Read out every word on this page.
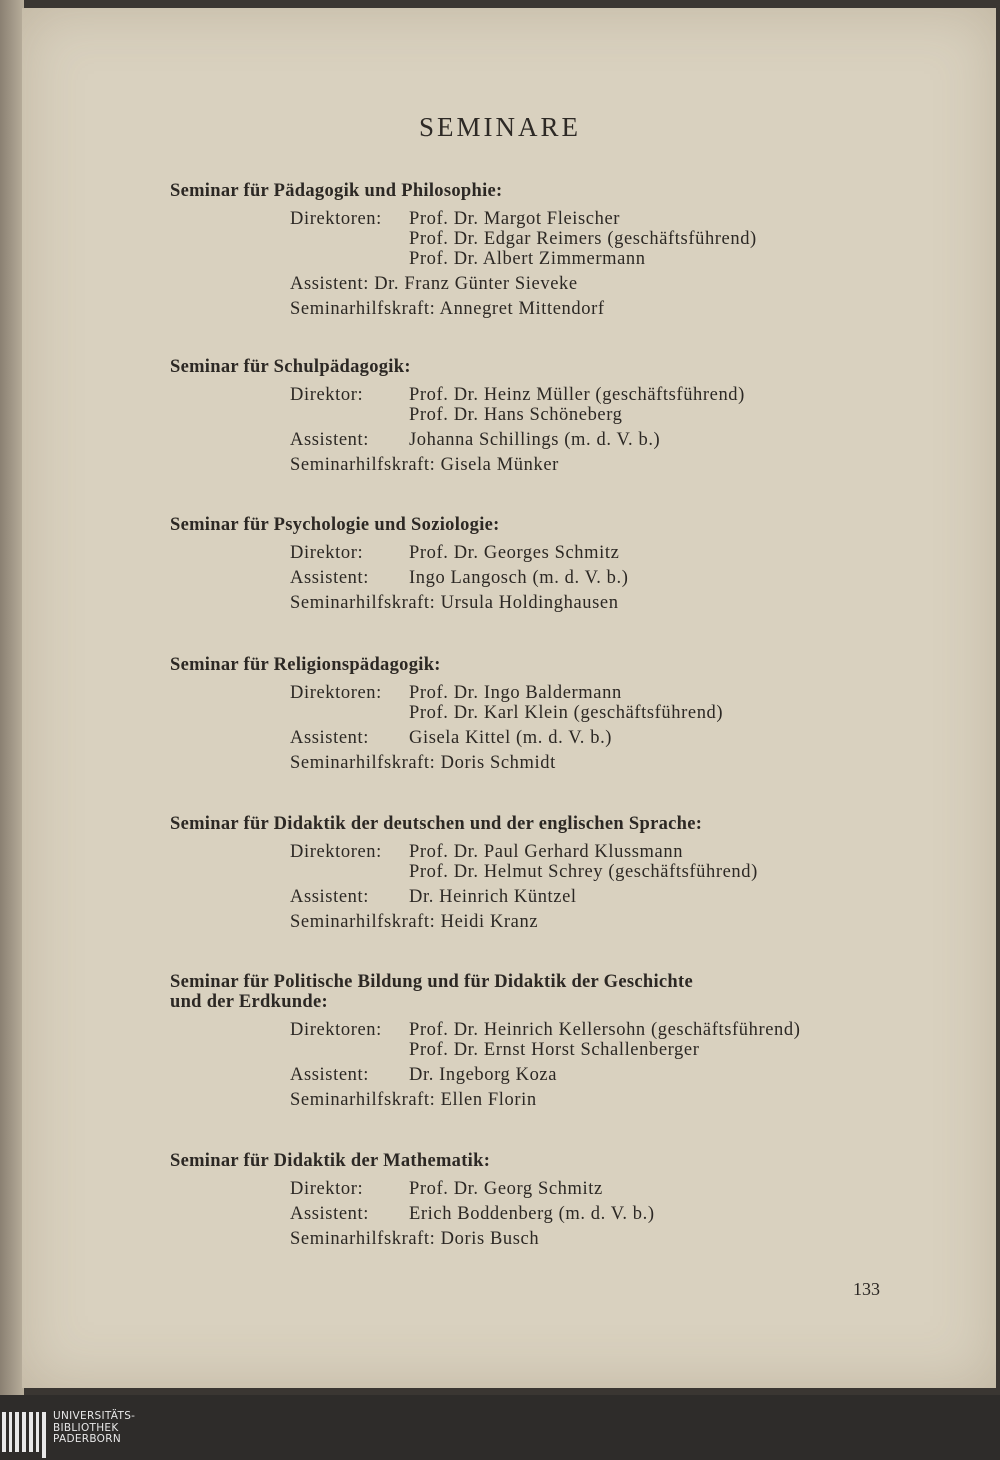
SEMINARE
Seminar für Pädagogik und Philosophie:
Direktoren: Prof. Dr. Margot Fleischer
Prof. Dr. Edgar Reimers (geschäftsführend)
Prof. Dr. Albert Zimmermann
Assistent: Dr. Franz Günter Sieveke
Seminarhilfskraft: Annegret Mittendorf
Seminar für Schulpädagogik:
Direktor: Prof. Dr. Heinz Müller (geschäftsführend)
Prof. Dr. Hans Schöneberg
Assistent: Johanna Schillings (m. d. V. b.)
Seminarhilfskraft: Gisela Münker
Seminar für Psychologie und Soziologie:
Direktor: Prof. Dr. Georges Schmitz
Assistent: Ingo Langosch (m. d. V. b.)
Seminarhilfskraft: Ursula Holdinghausen
Seminar für Religionspädagogik:
Direktoren: Prof. Dr. Ingo Baldermann
Prof. Dr. Karl Klein (geschäftsführend)
Assistent: Gisela Kittel (m. d. V. b.)
Seminarhilfskraft: Doris Schmidt
Seminar für Didaktik der deutschen und der englischen Sprache:
Direktoren: Prof. Dr. Paul Gerhard Klussmann
Prof. Dr. Helmut Schrey (geschäftsführend)
Assistent: Dr. Heinrich Küntzel
Seminarhilfskraft: Heidi Kranz
Seminar für Politische Bildung und für Didaktik der Geschichte
und der Erdkunde:
Direktoren: Prof. Dr. Heinrich Kellersohn (geschäftsführend)
Prof. Dr. Ernst Horst Schallenberger
Assistent: Dr. Ingeborg Koza
Seminarhilfskraft: Ellen Florin
Seminar für Didaktik der Mathematik:
Direktor: Prof. Dr. Georg Schmitz
Assistent: Erich Boddenberg (m. d. V. b.)
Seminarhilfskraft: Doris Busch
133
UNIVERSITÄTS-
BIBLIOTHEK
PADERBORN
